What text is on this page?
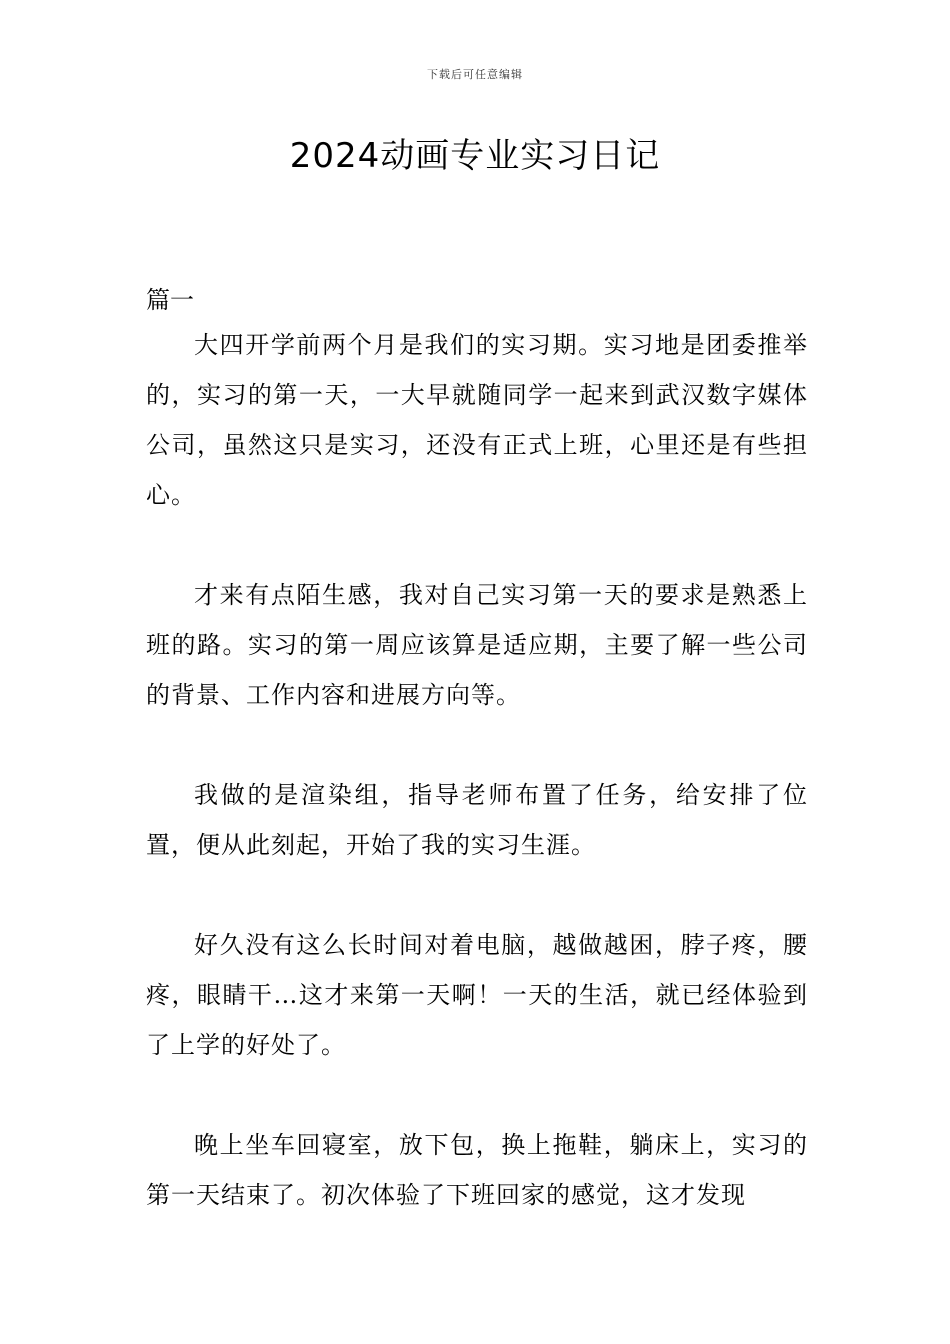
下载后可任意编辑
2024动画专业实习日记

篇一

大四开学前两个月是我们的实习期。实习地是团委推举的，实习的第一天，一大早就随同学一起来到武汉数字媒体公司，虽然这只是实习，还没有正式上班，心里还是有些担心。

才来有点陌生感，我对自己实习第一天的要求是熟悉上班的路。实习的第一周应该算是适应期，主要了解一些公司的背景、工作内容和进展方向等。

我做的是渲染组，指导老师布置了任务，给安排了位置，便从此刻起，开始了我的实习生涯。

好久没有这么长时间对着电脑，越做越困，脖子疼，腰疼，眼睛干…这才来第一天啊！一天的生活，就已经体验到了上学的好处了。

晚上坐车回寝室，放下包，换上拖鞋，躺床上，实习的第一天结束了。初次体验了下班回家的感觉，这才发现
